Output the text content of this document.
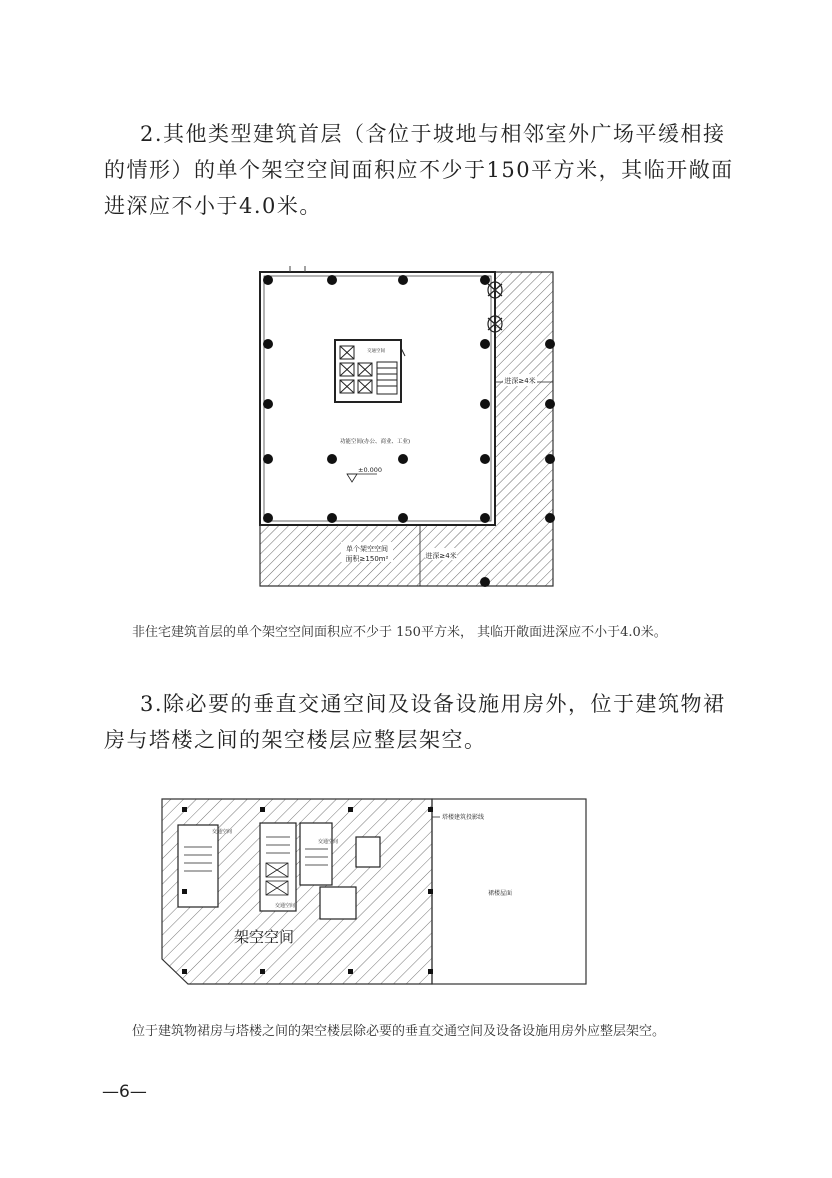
2.其他类型建筑首层（含位于坡地与相邻室外广场平缓相接的情形）的单个架空空间面积应不少于150平方米，其临开敞面进深应不小于4.0米。
交通空间
功能空间(办公、商业、工业)
±0.000
单个架空空间
面积≥150m²	进深≥4米
进深≥4米
非住宅建筑首层的单个架空空间面积应不少于 150平方米， 其临开敞面进深应不小于4.0米。
3.除必要的垂直交通空间及设备设施用房外，位于建筑物裙房与塔楼之间的架空楼层应整层架空。
交通空间
交通空间
交通空间
塔楼建筑投影线
裙楼屋面
架空空间
位于建筑物裙房与塔楼之间的架空楼层除必要的垂直交通空间及设备设施用房外应整层架空。
—6—
